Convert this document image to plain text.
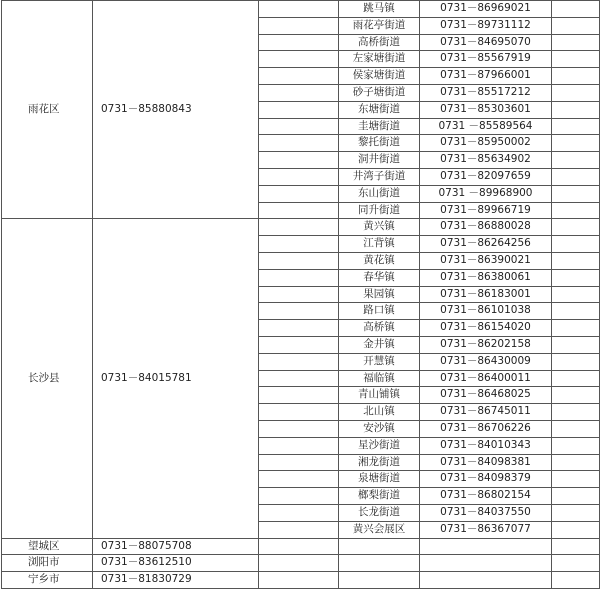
雨花区	0731－85880843		跳马镇	0731－86969021	
			雨花亭街道	0731－89731112	
			高桥街道	0731－84695070	
			左家塘街道	0731－85567919	
			侯家塘街道	0731－87966001	
			砂子塘街道	0731－85517212	
			东塘街道	0731－85303601	
			圭塘街道	0731 －85589564	
			黎托街道	0731－85950002	
			洞井街道	0731－85634902	
			井湾子街道	0731－82097659	
			东山街道	0731 －89968900	
			同升街道	0731－89966719	
长沙县	0731－84015781		黄兴镇	0731－86880028	
			江背镇	0731－86264256	
			黄花镇	0731－86390021	
			春华镇	0731－86380061	
			果园镇	0731－86183001	
			路口镇	0731－86101038	
			高桥镇	0731－86154020	
			金井镇	0731－86202158	
			开慧镇	0731－86430009	
			福临镇	0731－86400011	
			青山铺镇	0731－86468025	
			北山镇	0731－86745011	
			安沙镇	0731－86706226	
			星沙街道	0731－84010343	
			湘龙街道	0731－84098381	
			泉塘街道	0731－84098379	
			榔梨街道	0731－86802154	
			长龙街道	0731－84037550	
			黄兴会展区	0731－86367077	
望城区	0731－88075708				
浏阳市	0731－83612510				
宁乡市	0731－81830729				
